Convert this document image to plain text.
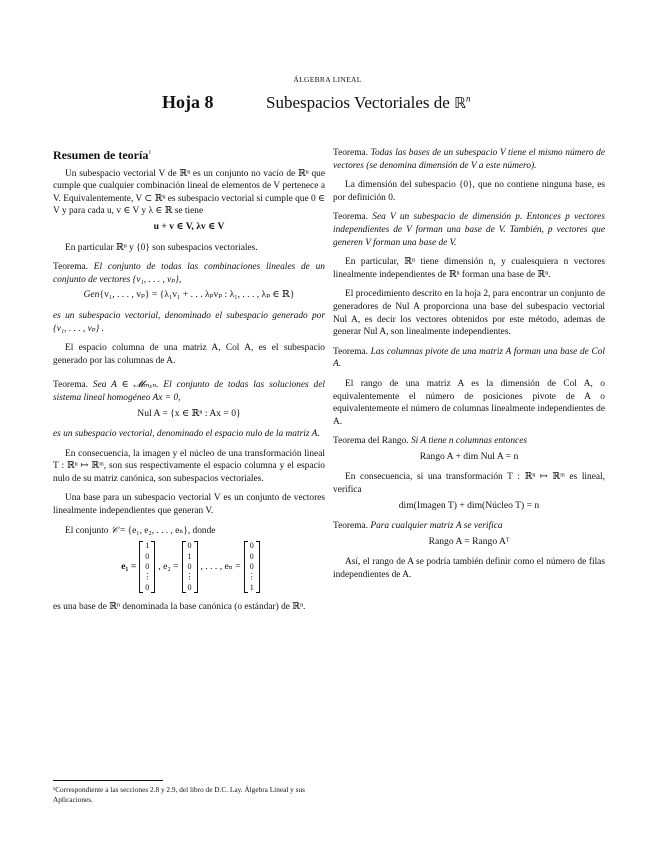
ÁLGEBRA LINEAL
Hoja 8	Subespacios Vectoriales de ℝ$^n$
Resumen de teoría$^1$

Un subespacio vectorial V de ℝⁿ es un conjunto no vacío de ℝⁿ que cumple que cualquier combinación lineal de elementos de V pertenece a V. Equivalentemente, V ⊂ ℝⁿ es subespacio vectorial si cumple que 0 ∈ V y para cada u, v ∈ V y λ ∈ ℝ se tiene

u + v ∈ V, λv ∈ V

En particular ℝⁿ y {0} son subespacios vectoriales.

Teorema. El conjunto de todas las combinaciones lineales de un conjunto de vectores {v₁, . . . , vₚ},

Gen{v₁, . . . , vₚ} = {λ₁v₁ + . . . λₚvₚ : λ₁, . . . , λₚ ∈ ℝ}

es un subespacio vectorial, denominado el subespacio generado por {v₁, . . . , vₚ} .

El espacio columna de una matriz A, Col A, es el subespacio generado por las columnas de A.

Teorema. Sea A ∈ 𝓜ₘₓₙ. El conjunto de todas las soluciones del sistema lineal homogéneo Ax = 0,

Nul A = {x ∈ ℝⁿ : Ax = 0}

es un subespacio vectorial, denominado el espacio nulo de la matriz A.

En consecuencia, la imagen y el núcleo de una transformación lineal T : ℝⁿ ↦ ℝᵐ, son sus respectivamente el espacio columna y el espacio nulo de su matriz canónica, son subespacios vectoriales.

Una base para un subespacio vectorial V es un conjunto de vectores linealmente independientes que generan V.

El conjunto 𝒞 = {e₁, e₂, . . . , eₙ}, donde

e₁ =
1
0
0
⋮
0
, e₂ =
0
1
0
⋮
0
, . . . , eₙ =
0
0
0
⋮
1

es una base de ℝⁿ denominada la base canónica (o estándar) de ℝⁿ.

Teorema. Todas las bases de un subespacio V tiene el mismo número de vectores (se denomina dimensión de V a este número).

La dimensión del subespacio {0}, que no contiene ninguna base, es por definición 0.

Teorema. Sea V un subespacio de dimensión p. Entonces p vectores independientes de V forman una base de V. También, p vectores que generen V forman una base de V.

En particular, ℝⁿ tiene dimensión n, y cualesquiera n vectores linealmente independientes de ℝⁿ forman una base de ℝⁿ.

El procedimiento descrito en la hoja 2, para encontrar un conjunto de generadores de Nul A proporciona una base del subespacio vectorial Nul A, es decir los vectores obtenidos por este método, ademas de generar Nul A, son linealmente independientes.

Teorema. Las columnas pivote de una matriz A forman una base de Col A.

El rango de una matriz A es la dimensión de Col A, o equivalentemente el número de posiciones pivote de A o equivalentemente el número de columnas linealmente independientes de A.

Teorema del Rango. Si A tiene n columnas entonces

Rango A + dim Nul A = n

En consecuencia, si una transformación T : ℝⁿ ↦ ℝᵐ es lineal, verifica

dim(Imagen T) + dim(Núcleo T) = n

Teorema. Para cualquier matriz A se verifica

Rango A = Rango Aᵀ

Así, el rango de A se podría también definir como el número de filas independientes de A.

¹Correspondiente a las secciones 2.8 y 2.9, del libro de D.C. Lay. Álgebra Lineal y sus Aplicaciones.
